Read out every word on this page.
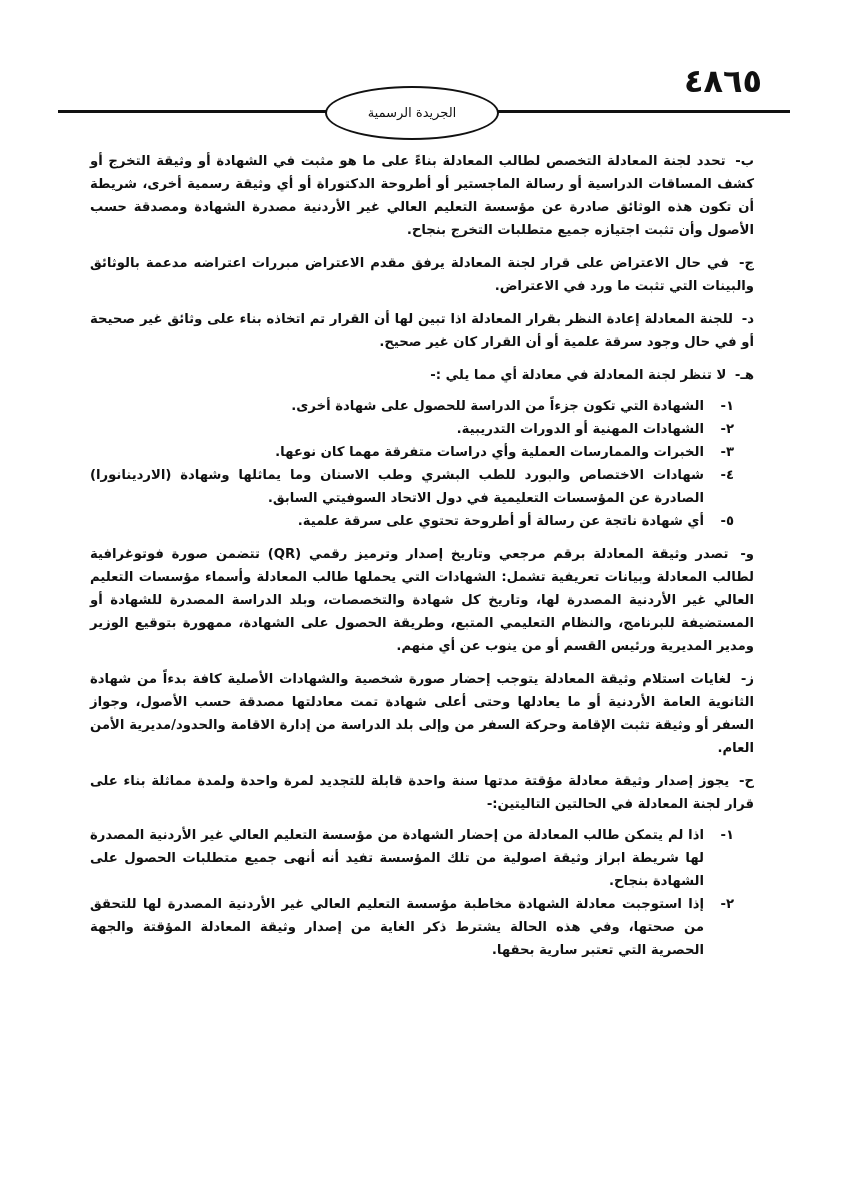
٤٨٦٥
الجريدة الرسمية

ب- تحدد لجنة المعادلة التخصص لطالب المعادلة بناءً على ما هو مثبت في الشهادة أو وثيقة التخرج أو كشف المساقات الدراسية أو رسالة الماجستير أو أطروحة الدكتوراة أو أي وثيقة رسمية أخرى، شريطة أن تكون هذه الوثائق صادرة عن مؤسسة التعليم العالي غير الأردنية مصدرة الشهادة ومصدقة حسب الأصول وأن تثبت اجتيازه جميع متطلبات التخرج بنجاح.

ج- في حال الاعتراض على قرار لجنة المعادلة يرفق مقدم الاعتراض مبررات اعتراضه مدعمة بالوثائق والبينات التي تثبت ما ورد في الاعتراض.

د- للجنة المعادلة إعادة النظر بقرار المعادلة اذا تبين لها أن القرار تم اتخاذه بناء على وثائق غير صحيحة أو في حال وجود سرقة علمية أو أن القرار كان غير صحيح.

هـ- لا تنظر لجنة المعادلة في معادلة أي مما يلي :-

١-
الشهادة التي تكون جزءاً من الدراسة للحصول على شهادة أخرى.
٢-
الشهادات المهنية أو الدورات التدريبية.
٣-
الخبرات والممارسات العملية وأي دراسات متفرقة مهما كان نوعها.
٤-
شهادات الاختصاص والبورد للطب البشري وطب الاسنان وما يماثلها وشهادة (الاردينانورا) الصادرة عن المؤسسات التعليمية في دول الاتحاد السوفيتي السابق.
٥-
أي شهادة ناتجة عن رسالة أو أطروحة تحتوي على سرقة علمية.

و- تصدر وثيقة المعادلة برقم مرجعي وتاريخ إصدار وترميز رقمي (QR) تتضمن صورة فوتوغرافية لطالب المعادلة وبيانات تعريفية تشمل: الشهادات التي يحملها طالب المعادلة وأسماء مؤسسات التعليم العالي غير الأردنية المصدرة لها، وتاريخ كل شهادة والتخصصات، وبلد الدراسة المصدرة للشهادة أو المستضيفة للبرنامج، والنظام التعليمي المتبع، وطريقة الحصول على الشهادة، ممهورة بتوقيع الوزير ومدير المديرية ورئيس القسم أو من ينوب عن أي منهم.

ز- لغايات استلام وثيقة المعادلة يتوجب إحضار صورة شخصية والشهادات الأصلية كافة بدءاً من شهادة الثانوية العامة الأردنية أو ما يعادلها وحتى أعلى شهادة تمت معادلتها مصدقة حسب الأصول، وجواز السفر أو وثيقة تثبت الإقامة وحركة السفر من وإلى بلد الدراسة من إدارة الاقامة والحدود/مديرية الأمن العام.

ح- يجوز إصدار وثيقة معادلة مؤقتة مدتها سنة واحدة قابلة للتجديد لمرة واحدة ولمدة مماثلة بناء على قرار لجنة المعادلة في الحالتين التاليتين:-

١-
اذا لم يتمكن طالب المعادلة من إحضار الشهادة من مؤسسة التعليم العالي غير الأردنية المصدرة لها شريطة ابراز وثيقة اصولية من تلك المؤسسة تفيد أنه أنهى جميع متطلبات الحصول على الشهادة بنجاح.
٢-
إذا استوجبت معادلة الشهادة مخاطبة مؤسسة التعليم العالي غير الأردنية المصدرة لها للتحقق من صحتها، وفي هذه الحالة يشترط ذكر الغاية من إصدار وثيقة المعادلة المؤقتة والجهة الحصرية التي تعتبر سارية بحقها.
